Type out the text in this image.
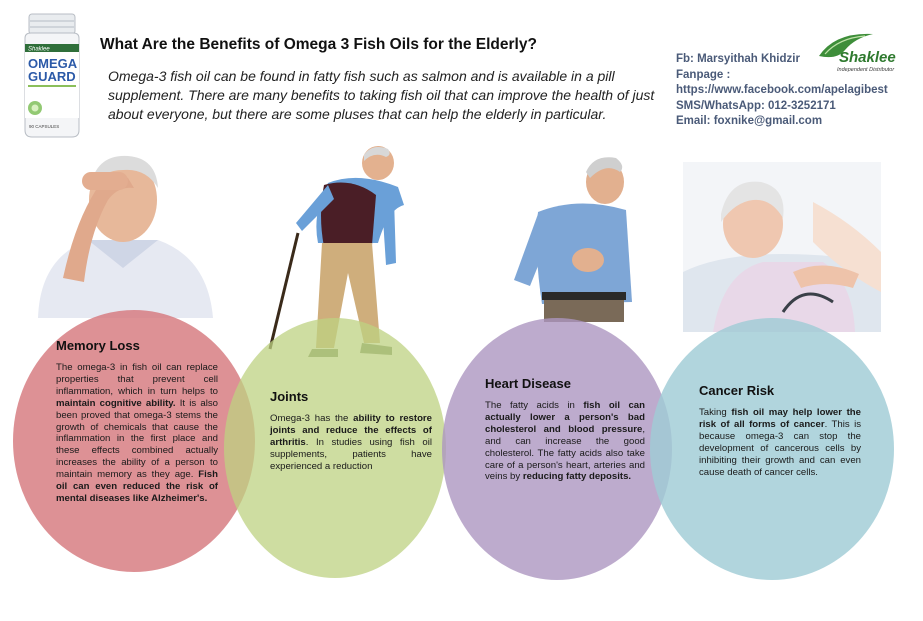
Shaklee
OMEGA
GUARD
90 CAPSULES
What Are the Benefits of Omega 3 Fish Oils for the Elderly?
Omega-3 fish oil can be found in fatty fish such as salmon and is available in a pill supplement. There are many benefits to taking fish oil that can improve the health of just about everyone, but there are some pluses that can help the elderly in particular.
Fb: Marsyithah Khidzir
Fanpage :
https://www.facebook.com/apelagibest
SMS/WhatsApp: 012-3252171
Email: foxnike@gmail.com
Shaklee
Independent Distributor
Memory Loss
The omega-3 in fish oil can replace properties that prevent cell inflammation, which in turn helps to maintain cognitive ability. It is also been proved that omega-3 stems the growth of chemicals that cause the inflammation in the first place and these effects combined actually increases the ability of a person to maintain memory as they age. Fish oil can even reduced the risk of mental diseases like Alzheimer's.
Joints
Omega-3 has the ability to restore joints and reduce the effects of arthritis. In studies using fish oil supplements, patients have experienced a reduction
Heart Disease
The fatty acids in fish oil can actually lower a person's bad cholesterol and blood pressure, and can increase the good cholesterol. The fatty acids also take care of a person's heart, arteries and veins by reducing fatty deposits.
Cancer Risk
Taking fish oil may help lower the risk of all forms of cancer. This is because omega-3 can stop the development of cancerous cells by inhibiting their growth and can even cause death of cancer cells.
